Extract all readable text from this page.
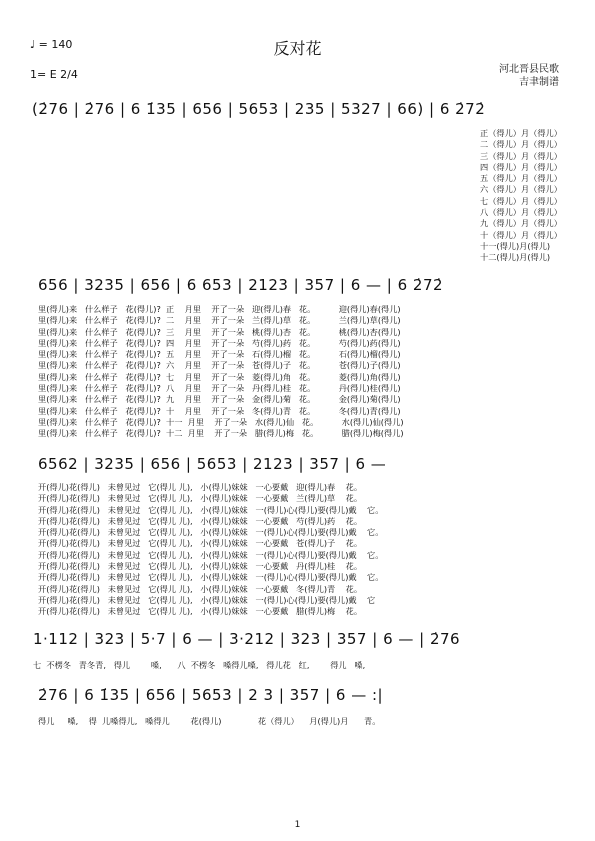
反对花
♩ = 140
1= E 2/4	河北晋县民歌
吉聿制谱
(2̇76 | 2̇76 | 6 1̇35 | 656 | 5653 | 235 | 5327 | 66) | 6 2̇72̇
正（得儿）月（得儿）
二（得儿）月（得儿）
三（得儿）月（得儿）
四（得儿）月（得儿）
五（得儿）月（得儿）
六（得儿）月（得儿）
七（得儿）月（得儿）
八（得儿）月（得儿）
九（得儿）月（得儿）
十（得儿）月（得儿）
十一(得儿)月(得儿)
十二(得儿)月(得儿)
656 | 3235 | 656 | 6 653 | 2123 | 357 | 6 — | 6 2̇72̇
里(得儿)来   什么样子   花(得儿)?  正    月里    开了一朵   迎(得儿)春   花。         迎(得儿)春(得儿)
里(得儿)来   什么样子   花(得儿)?  二    月里    开了一朵   兰(得儿)草   花。         兰(得儿)草(得儿)
里(得儿)来   什么样子   花(得儿)?  三    月里    开了一朵   桃(得儿)杏   花。         桃(得儿)杏(得儿)
里(得儿)来   什么样子   花(得儿)?  四    月里    开了一朵   芍(得儿)药   花。         芍(得儿)药(得儿)
里(得儿)来   什么样子   花(得儿)?  五    月里    开了一朵   石(得儿)榴   花。         石(得儿)榴(得儿)
里(得儿)来   什么样子   花(得儿)?  六    月里    开了一朵   苍(得儿)子   花。         苍(得儿)子(得儿)
里(得儿)来   什么样子   花(得儿)?  七    月里    开了一朵   菱(得儿)角   花。         菱(得儿)角(得儿)
里(得儿)来   什么样子   花(得儿)?  八    月里    开了一朵   丹(得儿)桂   花。         丹(得儿)桂(得儿)
里(得儿)来   什么样子   花(得儿)?  九    月里    开了一朵   金(得儿)菊   花。         金(得儿)菊(得儿)
里(得儿)来   什么样子   花(得儿)?  十    月里    开了一朵   冬(得儿)青   花。         冬(得儿)青(得儿)
里(得儿)来   什么样子   花(得儿)?  十一  月里    开了一朵   水(得儿)仙   花。         水(得儿)仙(得儿)
里(得儿)来   什么样子   花(得儿)?  十二  月里    开了一朵   腊(得儿)梅   花。         腊(得儿)梅(得儿)
6562 | 3235 | 656 | 5653 | 2123 | 357 | 6 —
开(得儿)花(得儿)   未曾见过   它(得儿 儿),   小(得儿)妹妹   一心要戴   迎(得儿)春    花。
开(得儿)花(得儿)   未曾见过   它(得儿 儿),   小(得儿)妹妹   一心要戴   兰(得儿)草    花。
开(得儿)花(得儿)   未曾见过   它(得儿 儿),   小(得儿)妹妹   一(得儿)心(得儿)要(得儿)戴    它。
开(得儿)花(得儿)   未曾见过   它(得儿 儿),   小(得儿)妹妹   一心要戴   芍(得儿)药    花。
开(得儿)花(得儿)   未曾见过   它(得儿 儿),   小(得儿)妹妹   一(得儿)心(得儿)要(得儿)戴    它。
开(得儿)花(得儿)   未曾见过   它(得儿 儿),   小(得儿)妹妹   一心要戴   苍(得儿)子    花。
开(得儿)花(得儿)   未曾见过   它(得儿 儿),   小(得儿)妹妹   一(得儿)心(得儿)要(得儿)戴    它。
开(得儿)花(得儿)   未曾见过   它(得儿 儿),   小(得儿)妹妹   一心要戴   丹(得儿)桂    花。
开(得儿)花(得儿)   未曾见过   它(得儿 儿),   小(得儿)妹妹   一(得儿)心(得儿)要(得儿)戴    它。
开(得儿)花(得儿)   未曾见过   它(得儿 儿),   小(得儿)妹妹   一心要戴   冬(得儿)青    花。
开(得儿)花(得儿)   未曾见过   它(得儿 儿),   小(得儿)妹妹   一(得儿)心(得儿)要(得儿)戴    它
开(得儿)花(得儿)   未曾见过   它(得儿 儿),   小(得儿)妹妹   一心要戴   腊(得儿)梅    花。
1·112 | 323 | 5·7 | 6 — | 3·212 | 323 | 357 | 6 — | 2̇76
七  不楞冬   青冬青,   得儿        嗓,      八  不楞冬   嗓得儿嗓,   得儿花   红,        得儿   嗓,
2̇76 | 6 1̇35 | 656 | 5653 | 2 3 | 357 | 6 — :|
得儿     嗓,    得  儿嗓得儿,   嗓得儿        花(得儿)              花（得儿）    月(得儿)月      青。
1
